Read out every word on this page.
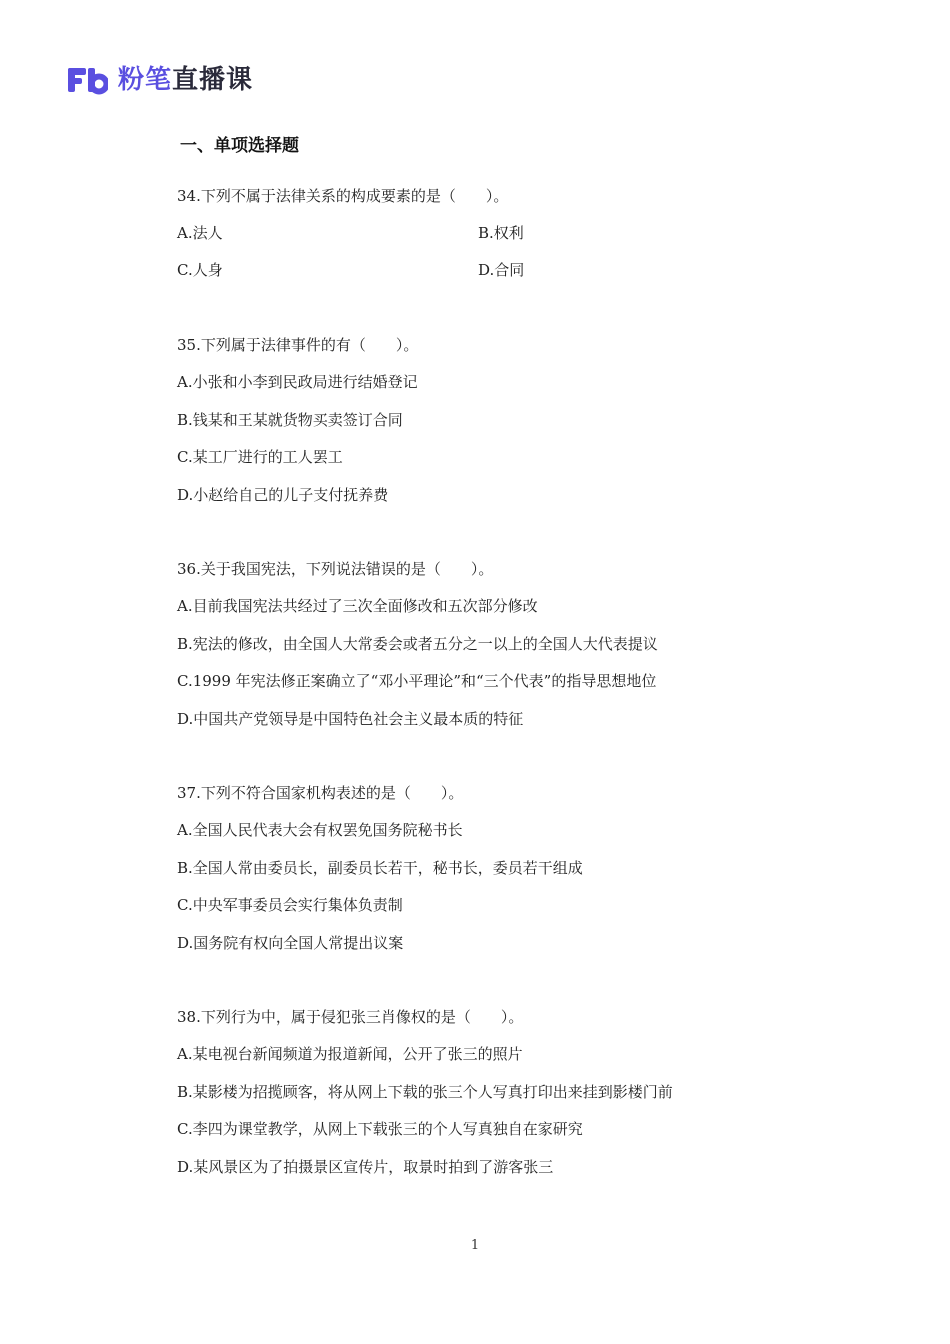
粉笔直播课
一、单项选择题
34.下列不属于法律关系的构成要素的是（　　）。
A.法人	B.权利
C.人身	D.合同
35.下列属于法律事件的有（　　）。
A.小张和小李到民政局进行结婚登记
B.钱某和王某就货物买卖签订合同
C.某工厂进行的工人罢工
D.小赵给自己的儿子支付抚养费
36.关于我国宪法，下列说法错误的是（　　）。
A.目前我国宪法共经过了三次全面修改和五次部分修改
B.宪法的修改，由全国人大常委会或者五分之一以上的全国人大代表提议
C.1999 年宪法修正案确立了“邓小平理论”和“三个代表”的指导思想地位
D.中国共产党领导是中国特色社会主义最本质的特征
37.下列不符合国家机构表述的是（　　）。
A.全国人民代表大会有权罢免国务院秘书长
B.全国人常由委员长，副委员长若干，秘书长，委员若干组成
C.中央军事委员会实行集体负责制
D.国务院有权向全国人常提出议案
38.下列行为中，属于侵犯张三肖像权的是（　　）。
A.某电视台新闻频道为报道新闻，公开了张三的照片
B.某影楼为招揽顾客，将从网上下载的张三个人写真打印出来挂到影楼门前
C.李四为课堂教学，从网上下载张三的个人写真独自在家研究
D.某风景区为了拍摄景区宣传片，取景时拍到了游客张三
1
